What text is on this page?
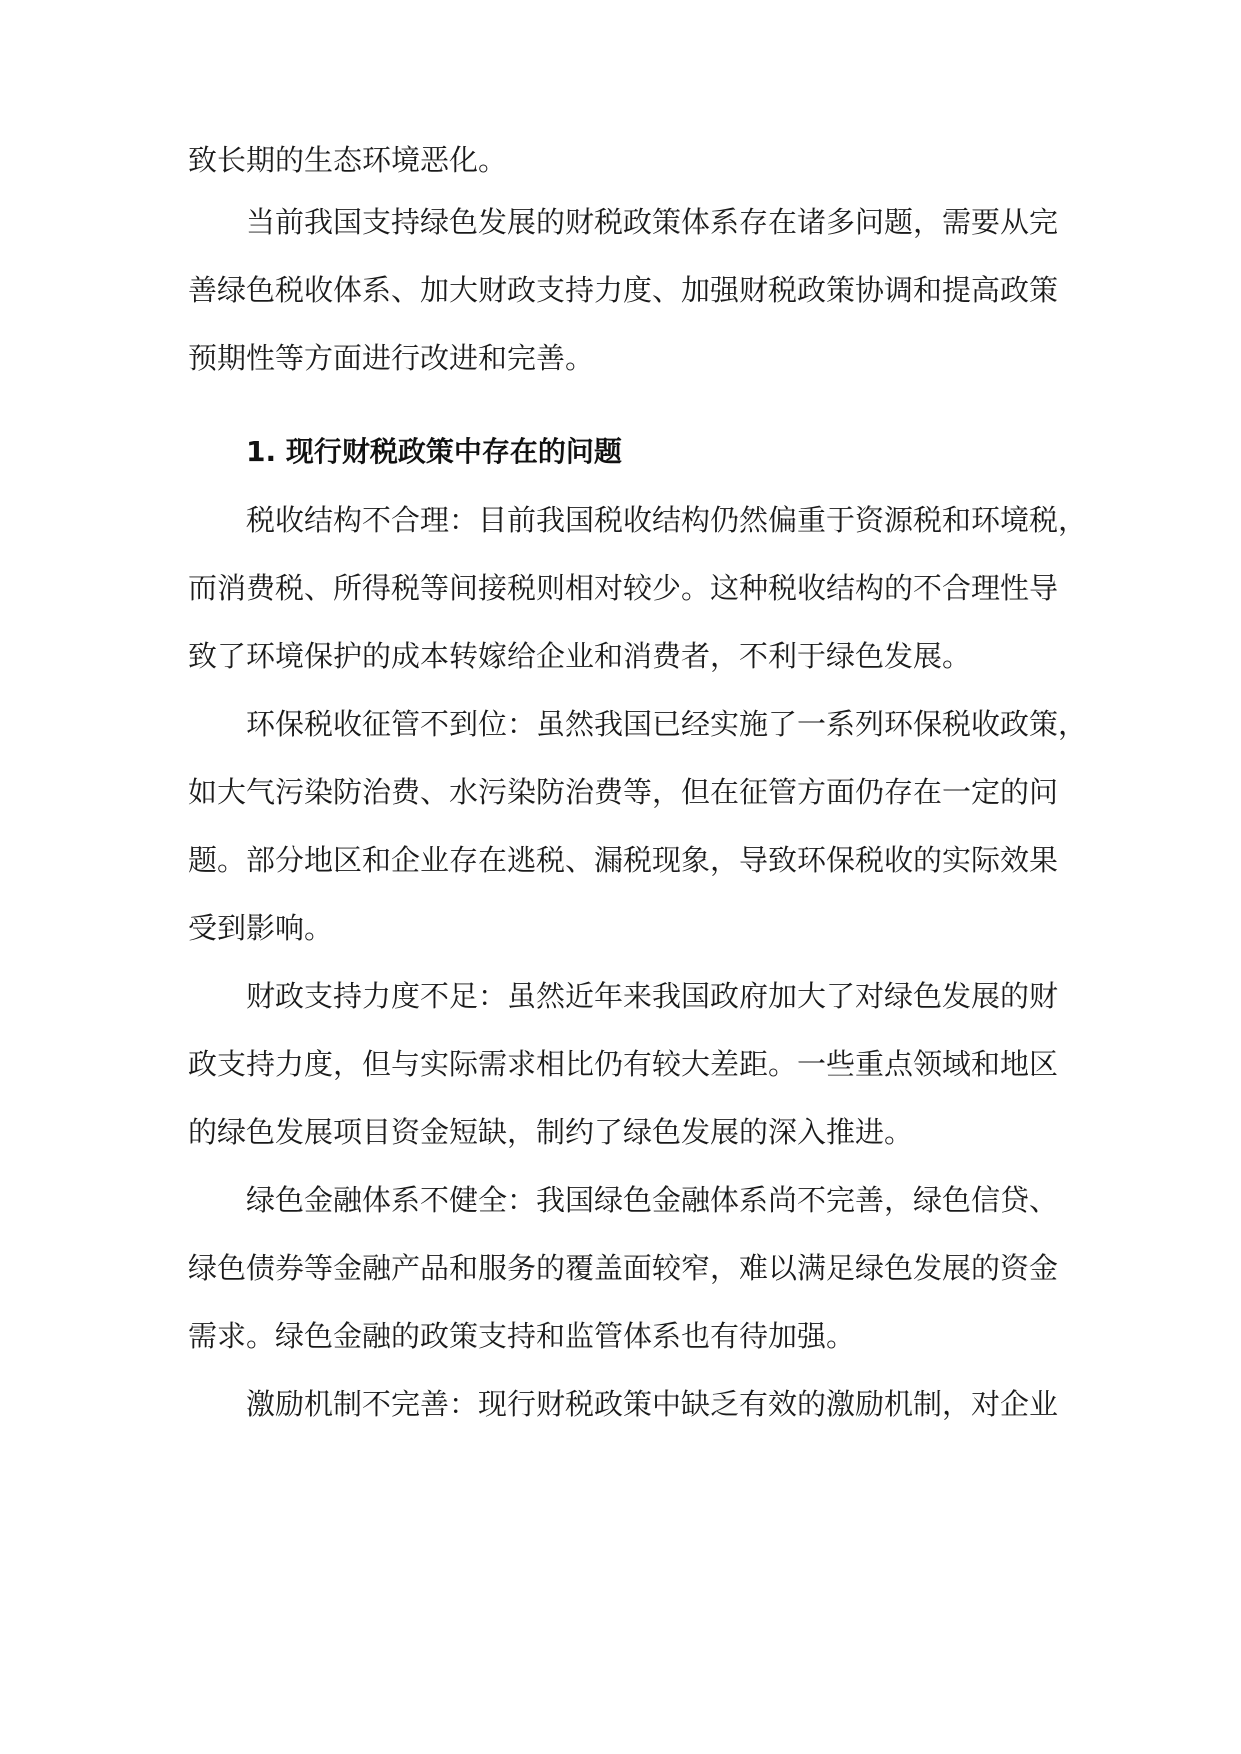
致长期的生态环境恶化。
当前我国支持绿色发展的财税政策体系存在诸多问题，需要从完
善绿色税收体系、加大财政支持力度、加强财税政策协调和提高政策
预期性等方面进行改进和完善。
1. 现行财税政策中存在的问题
税收结构不合理：目前我国税收结构仍然偏重于资源税和环境税，
而消费税、所得税等间接税则相对较少。这种税收结构的不合理性导
致了环境保护的成本转嫁给企业和消费者，不利于绿色发展。
环保税收征管不到位：虽然我国已经实施了一系列环保税收政策，
如大气污染防治费、水污染防治费等，但在征管方面仍存在一定的问
题。部分地区和企业存在逃税、漏税现象，导致环保税收的实际效果
受到影响。
财政支持力度不足：虽然近年来我国政府加大了对绿色发展的财
政支持力度，但与实际需求相比仍有较大差距。一些重点领域和地区
的绿色发展项目资金短缺，制约了绿色发展的深入推进。
绿色金融体系不健全：我国绿色金融体系尚不完善，绿色信贷、
绿色债券等金融产品和服务的覆盖面较窄，难以满足绿色发展的资金
需求。绿色金融的政策支持和监管体系也有待加强。
激励机制不完善：现行财税政策中缺乏有效的激励机制，对企业
